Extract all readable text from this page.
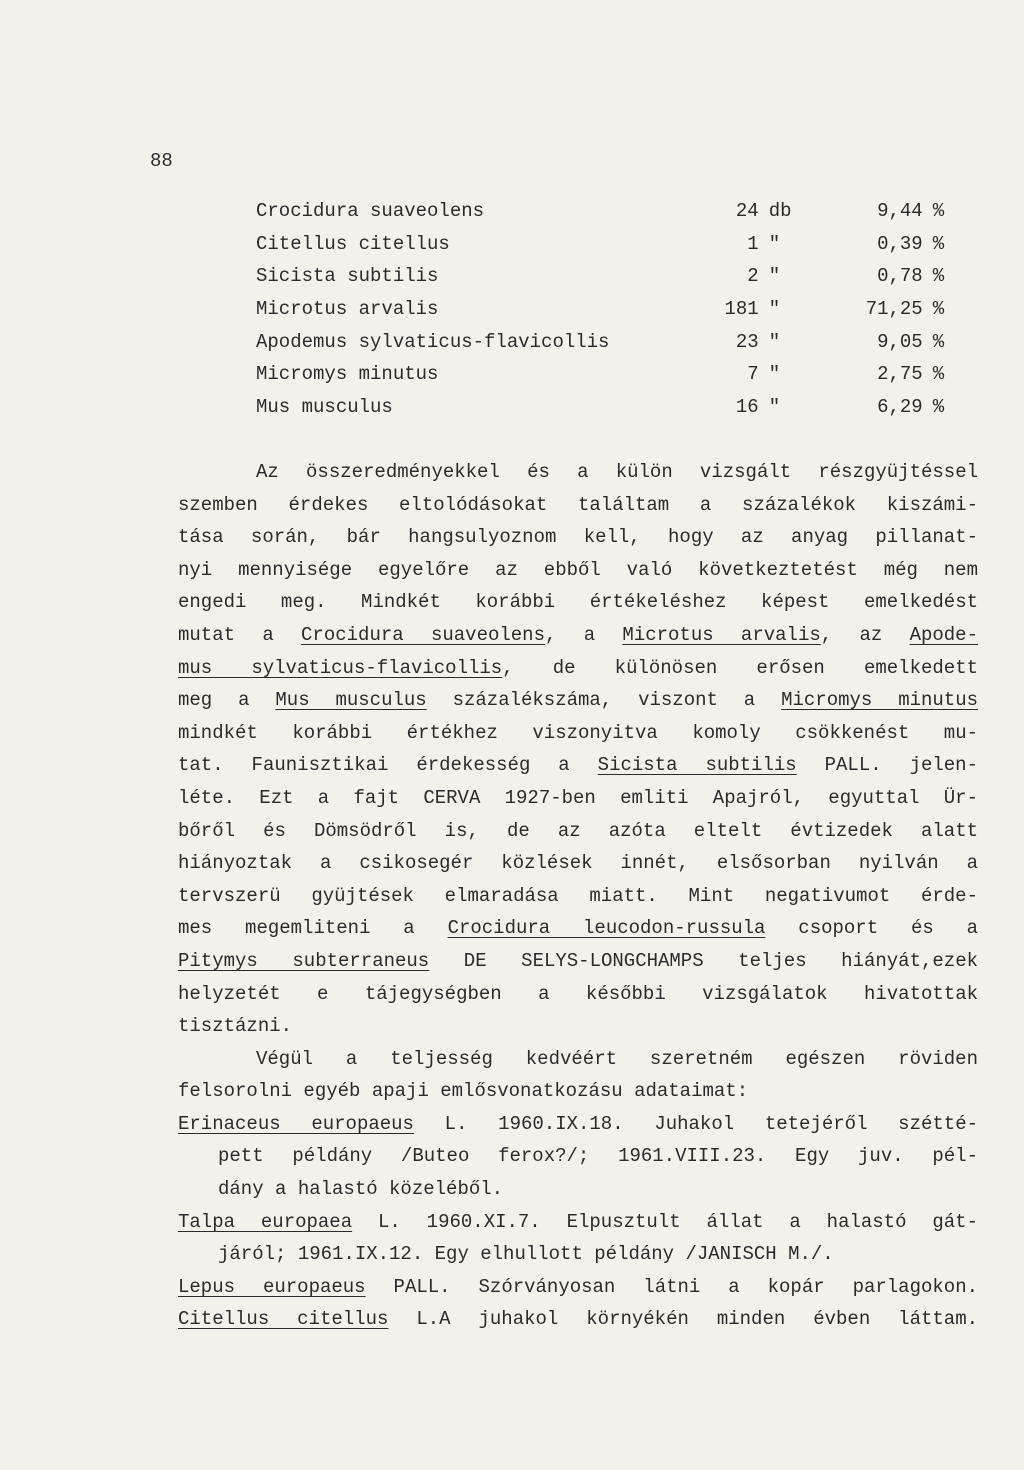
88
Crocidura suaveolens	24	db	9,44	%
Citellus citellus	1	"	0,39	%
Sicista subtilis	2	"	0,78	%
Microtus arvalis	181	"	71,25	%
Apodemus sylvaticus-flavicollis	23	"	9,05	%
Micromys minutus	7	"	2,75	%
Mus musculus	16	"	6,29	%
Az összeredményekkel és a külön vizsgált részgyüjtéssel
szemben érdekes eltolódásokat találtam a százalékok kiszámi-
tása során, bár hangsulyoznom kell, hogy az anyag pillanat-
nyi mennyisége egyelőre az ebből való következtetést még nem
engedi meg. Mindkét korábbi értékeléshez képest emelkedést
mutat a Crocidura suaveolens, a Microtus arvalis, az Apode-
mus sylvaticus-flavicollis, de különösen erősen emelkedett
meg a Mus musculus százalékszáma, viszont a Micromys minutus
mindkét korábbi értékhez viszonyitva komoly csökkenést mu-
tat. Faunisztikai érdekesség a Sicista subtilis PALL. jelen-
léte. Ezt a fajt CERVA 1927-ben emliti Apajról, egyuttal Ür-
bőről és Dömsödről is, de az azóta eltelt évtizedek alatt
hiányoztak a csikosegér közlések innét, elsősorban nyilván a
tervszerü gyüjtések elmaradása miatt. Mint negativumot érde-
mes megemliteni a Crocidura leucodon-russula csoport és a
Pitymys subterraneus DE SELYS-LONGCHAMPS teljes hiányát,ezek
helyzetét e tájegységben a későbbi vizsgálatok hivatottak
tisztázni.
Végül a teljesség kedvéért szeretném egészen röviden
felsorolni egyéb apaji emlősvonatkozásu adataimat:
Erinaceus europaeus L. 1960.IX.18. Juhakol tetejéről szétté-
pett példány /Buteo ferox?/; 1961.VIII.23. Egy juv. pél-
dány a halastó közeléből.
Talpa europaea L. 1960.XI.7. Elpusztult állat a halastó gát-
járól; 1961.IX.12. Egy elhullott példány /JANISCH M./.
Lepus europaeus PALL. Szórványosan látni a kopár parlagokon.
Citellus citellus L.A juhakol környékén minden évben láttam.
